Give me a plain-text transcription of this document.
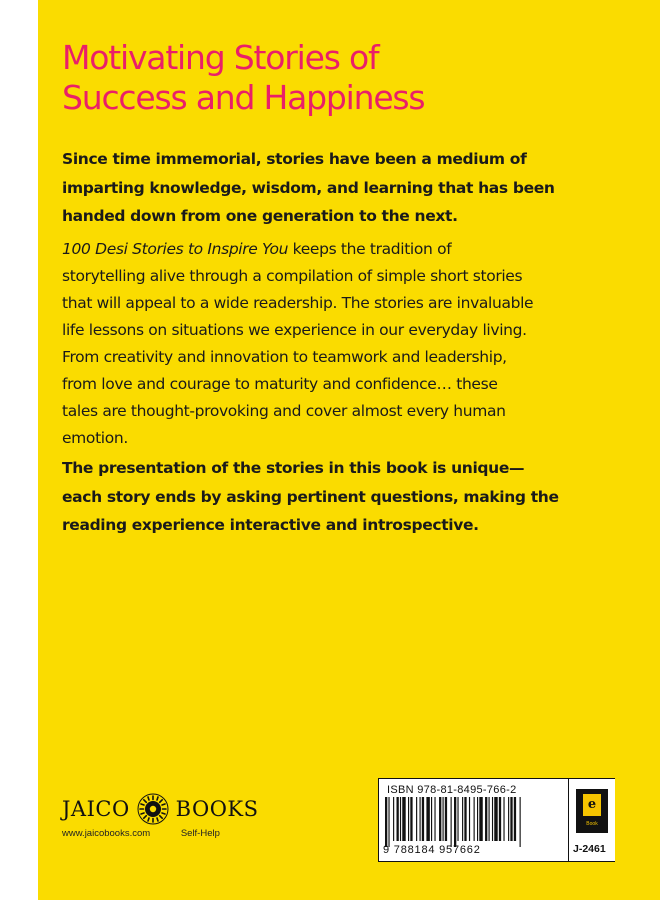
Motivating Stories of
Success and Happiness

Since time immemorial, stories have been a medium of
imparting knowledge, wisdom, and learning that has been
handed down from one generation to the next.

100 Desi Stories to Inspire You keeps the tradition of
storytelling alive through a compilation of simple short stories
that will appeal to a wide readership. The stories are invaluable
life lessons on situations we experience in our everyday living.
From creativity and innovation to teamwork and leadership,
from love and courage to maturity and confidence… these
tales are thought-provoking and cover almost every human
emotion.

The presentation of the stories in this book is unique—
each story ends by asking pertinent questions, making the
reading experience interactive and introspective.

JAICO BOOKS
www.jaicobooks.com	Self-Help
ISBN 978-81-8495-766-2
9 788184 957662
e
Book
J-2461
